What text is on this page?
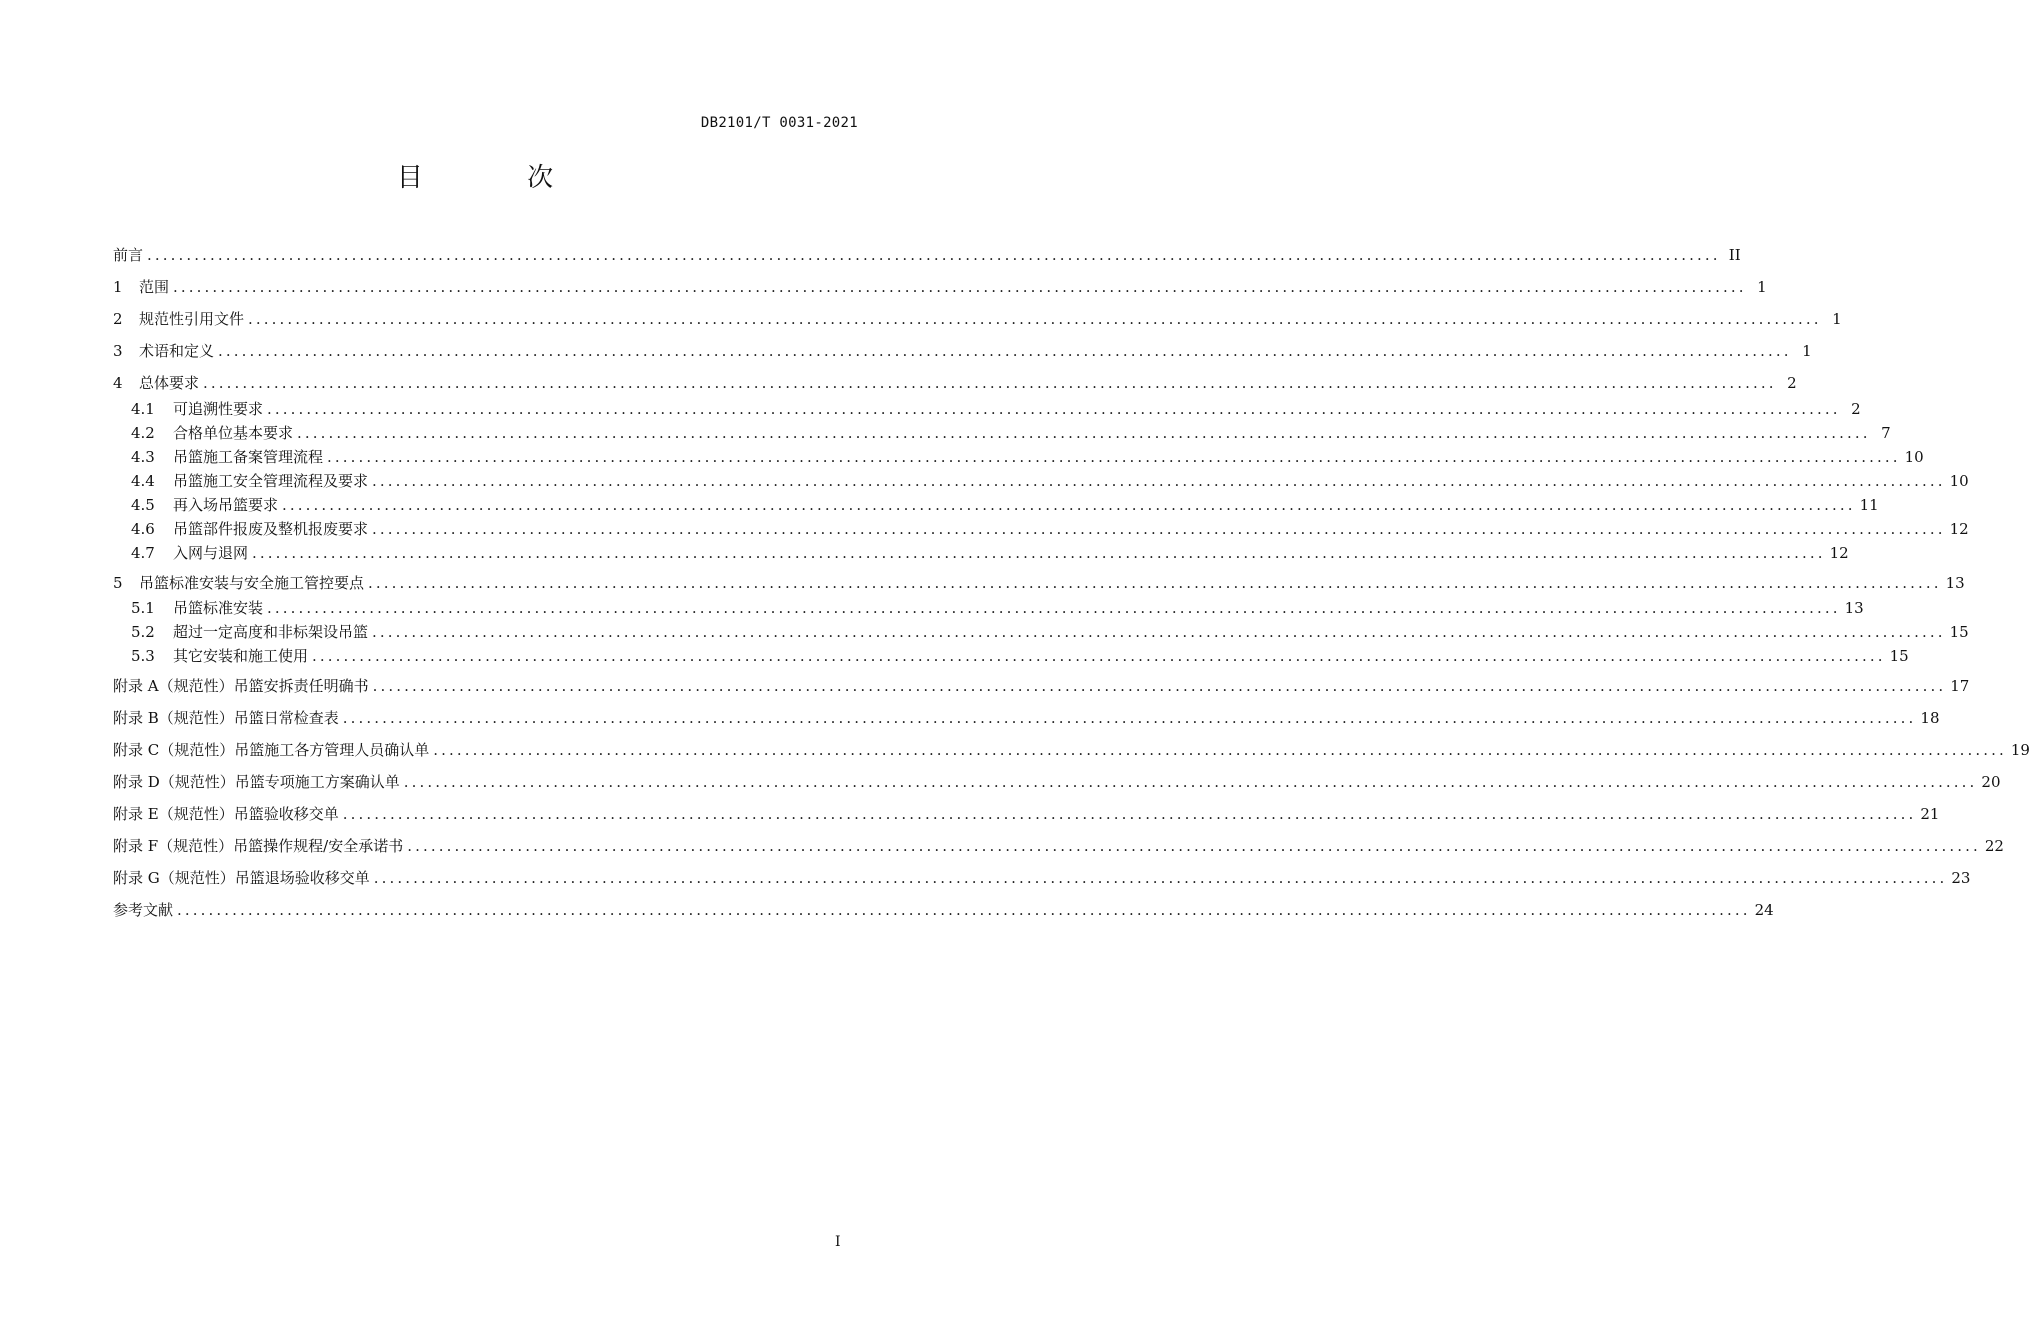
DB2101/T 0031-2021
目 次
前言 ........................................................................................................................................................................................................ II
1	范围 ........................................................................................................................................................................................................ 1
2	规范性引用文件 ........................................................................................................................................................................................................ 1
3	术语和定义 ........................................................................................................................................................................................................ 1
4	总体要求 ........................................................................................................................................................................................................ 2
4.1	可追溯性要求 ........................................................................................................................................................................................................ 2
4.2	合格单位基本要求 ........................................................................................................................................................................................................ 7
4.3	吊篮施工备案管理流程 ........................................................................................................................................................................................................ 10
4.4	吊篮施工安全管理流程及要求 ........................................................................................................................................................................................................ 10
4.5	再入场吊篮要求 ........................................................................................................................................................................................................ 11
4.6	吊篮部件报废及整机报废要求 ........................................................................................................................................................................................................ 12
4.7	入网与退网 ........................................................................................................................................................................................................ 12
5	吊篮标准安装与安全施工管控要点 ........................................................................................................................................................................................................ 13
5.1	吊篮标准安装 ........................................................................................................................................................................................................ 13
5.2	超过一定高度和非标架设吊篮 ........................................................................................................................................................................................................ 15
5.3	其它安装和施工使用 ........................................................................................................................................................................................................ 15
附录 A（规范性）吊篮安拆责任明确书 ........................................................................................................................................................................................................ 17
附录 B（规范性）吊篮日常检查表 ........................................................................................................................................................................................................ 18
附录 C（规范性）吊篮施工各方管理人员确认单 ........................................................................................................................................................................................................ 19
附录 D（规范性）吊篮专项施工方案确认单 ........................................................................................................................................................................................................ 20
附录 E（规范性）吊篮验收移交单 ........................................................................................................................................................................................................ 21
附录 F（规范性）吊篮操作规程/安全承诺书 ........................................................................................................................................................................................................ 22
附录 G（规范性）吊篮退场验收移交单 ........................................................................................................................................................................................................ 23
参考文献 ........................................................................................................................................................................................................ 24
I
